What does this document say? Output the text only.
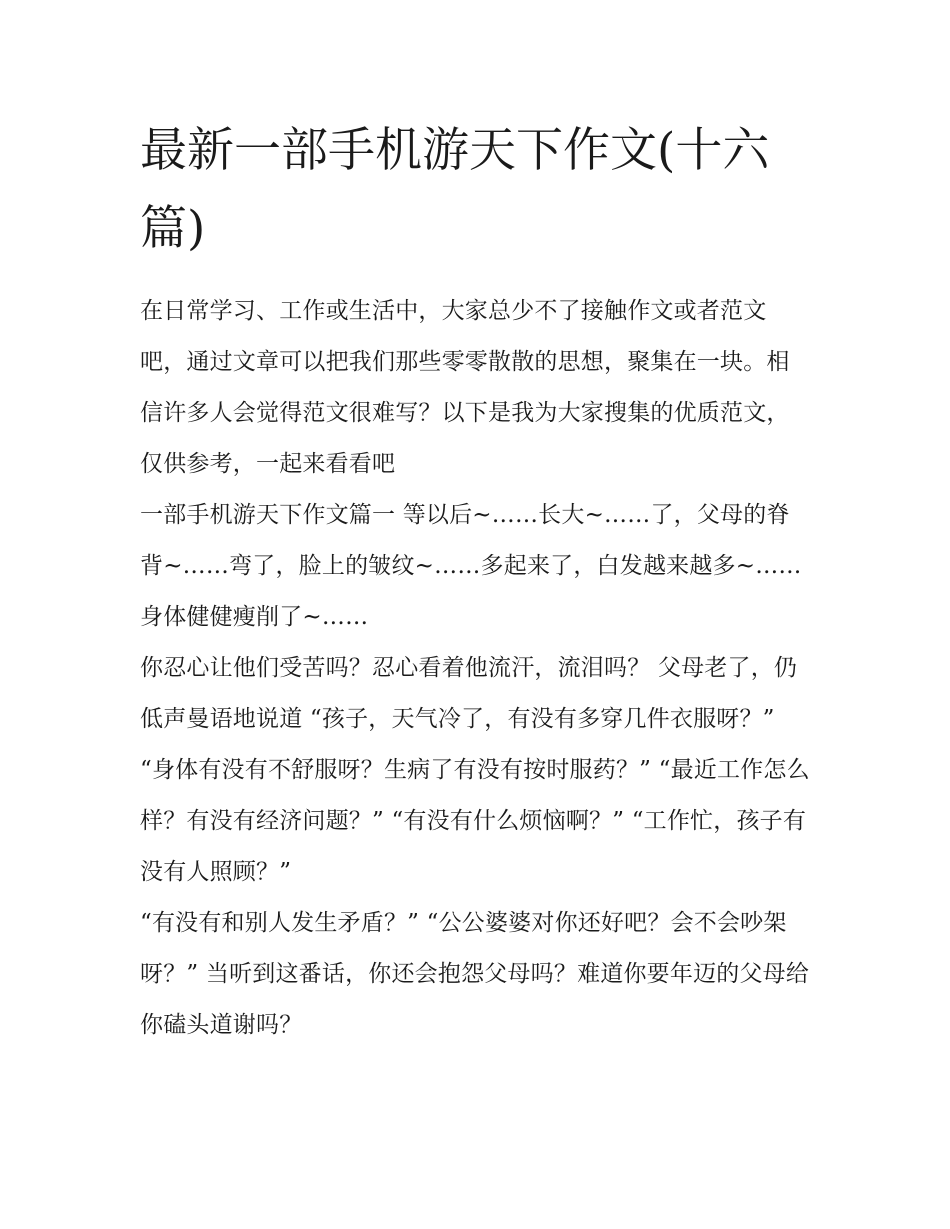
最新一部手机游天下作文(十六篇)

在日常学习、工作或生活中，大家总少不了接触作文或者范文吧，通过文章可以把我们那些零零散散的思想，聚集在一块。相信许多人会觉得范文很难写？以下是我为大家搜集的优质范文，仅供参考，一起来看看吧

一部手机游天下作文篇一 等以后~……长大~……了，父母的脊背~……弯了，脸上的皱纹~……多起来了，白发越来越多~……身体健健瘦削了~……

你忍心让他们受苦吗？忍心看着他流汗，流泪吗？ 父母老了，仍低声曼语地说道 “孩子，天气冷了，有没有多穿几件衣服呀？”

“身体有没有不舒服呀？生病了有没有按时服药？” “最近工作怎么样？有没有经济问题？” “有没有什么烦恼啊？” “工作忙，孩子有没有人照顾？”

“有没有和别人发生矛盾？” “公公婆婆对你还好吧？会不会吵架呀？” 当听到这番话，你还会抱怨父母吗？难道你要年迈的父母给你磕头道谢吗？
